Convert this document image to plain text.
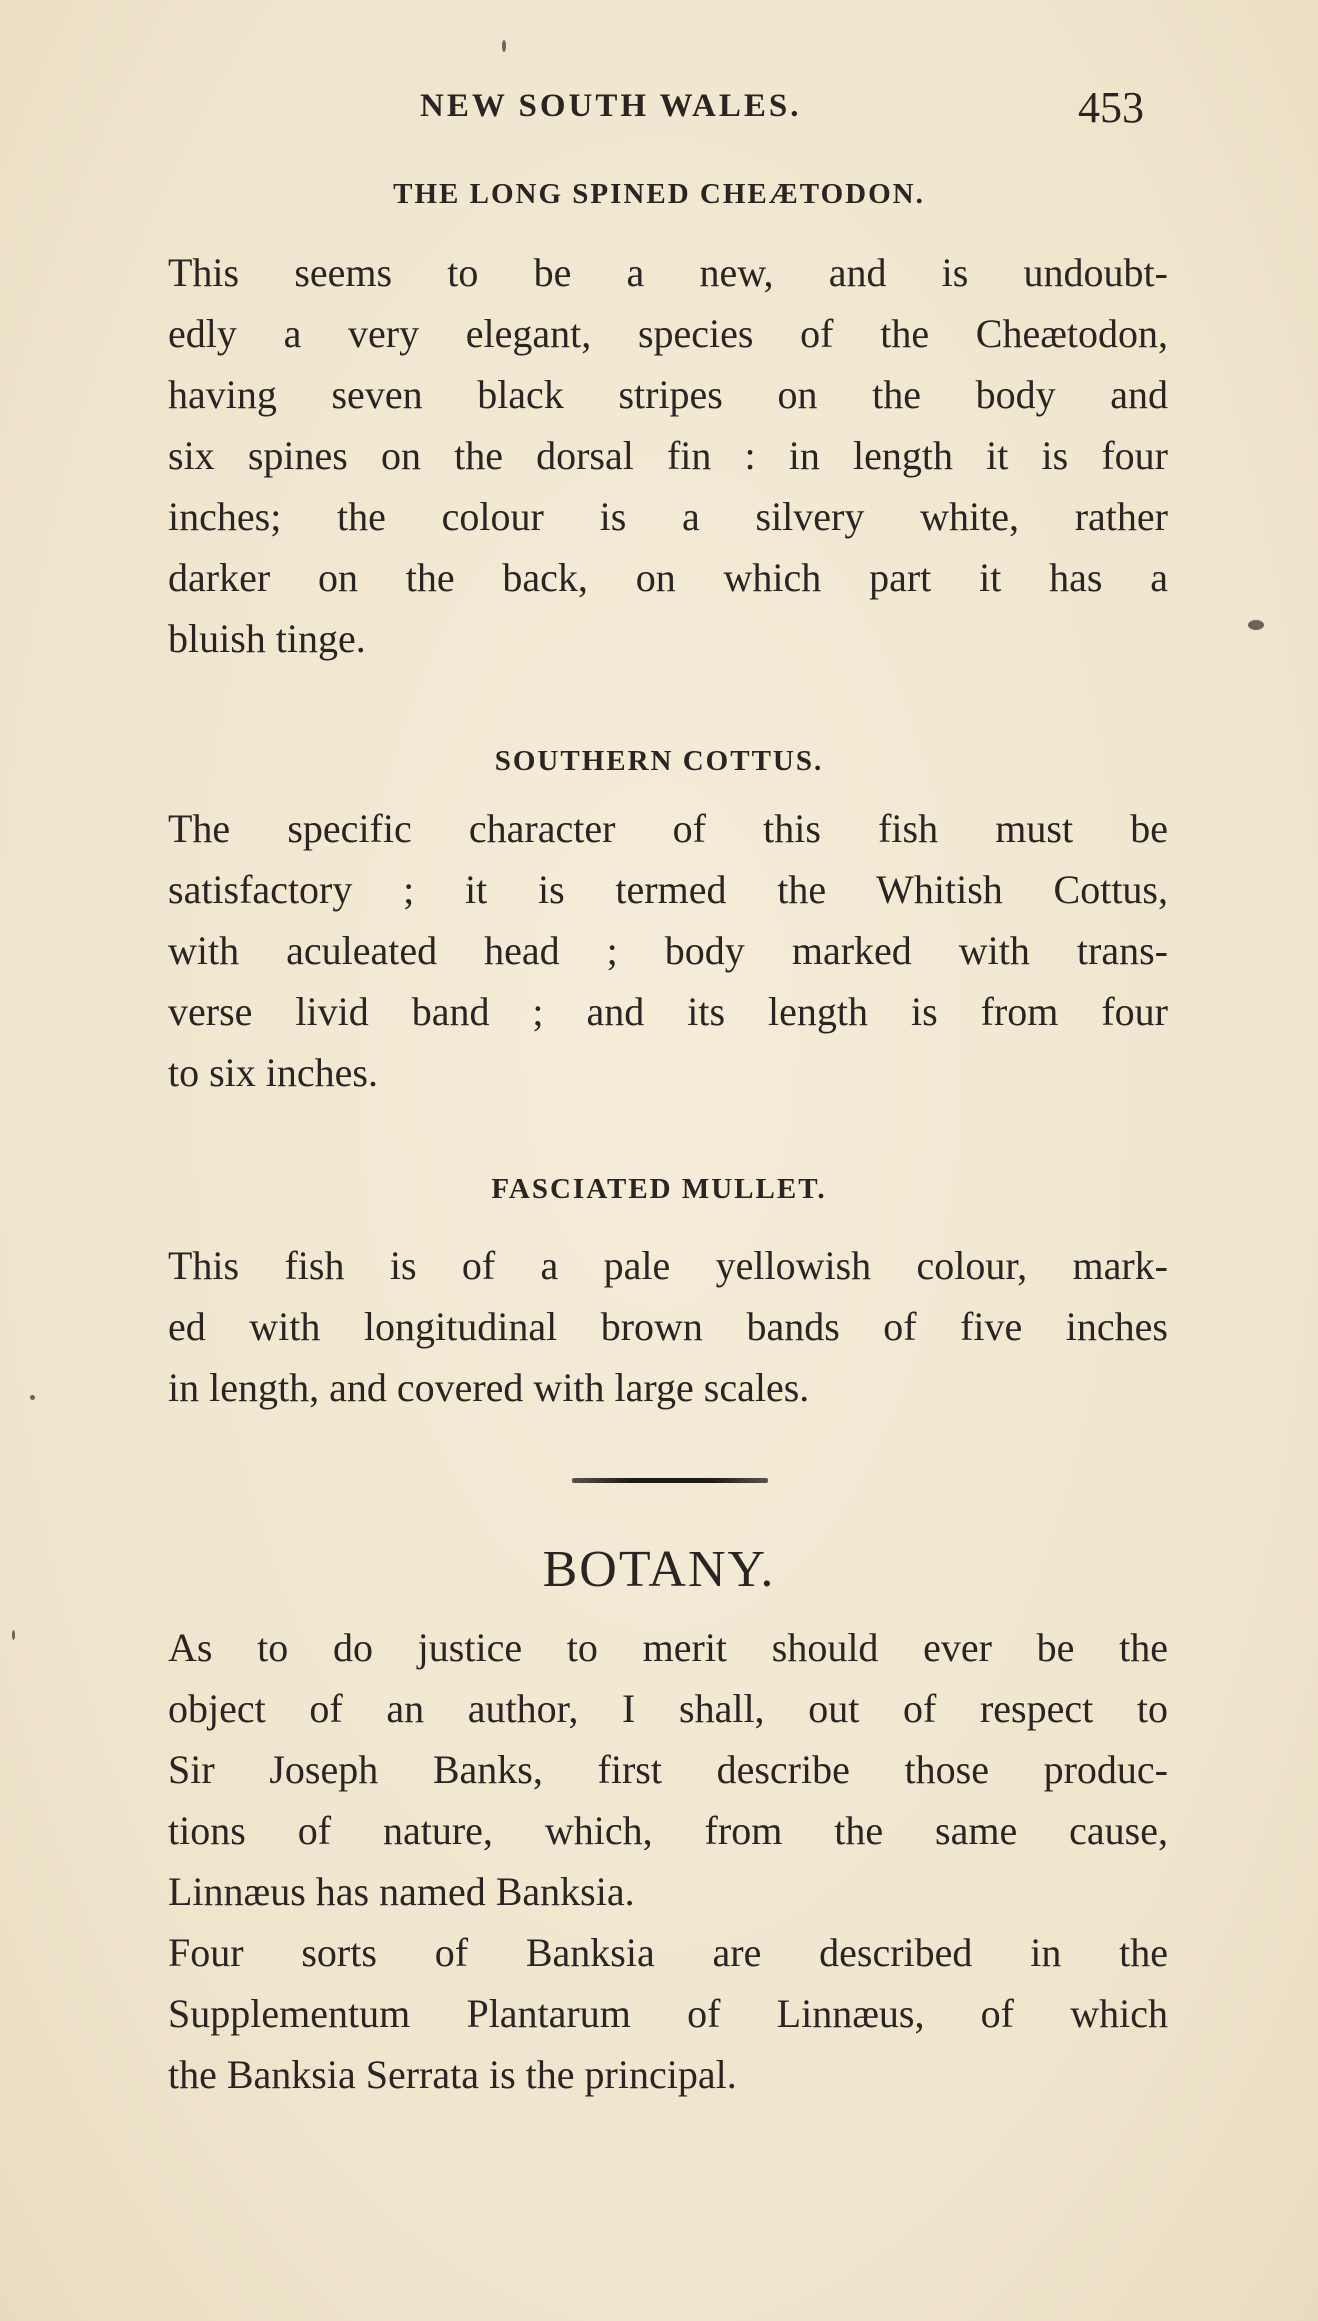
NEW SOUTH WALES.	453
THE LONG SPINED CHEÆTODON.
This seems to be a new, and is undoubt-
edly a very elegant, species of the Cheætodon,
having seven black stripes on the body and
six spines on the dorsal fin : in length it is four
inches; the colour is a silvery white, rather
darker on the back, on which part it has a
bluish tinge.
SOUTHERN COTTUS.
The specific character of this fish must be
satisfactory ; it is termed the Whitish Cottus,
with aculeated head ; body marked with trans-
verse livid band ; and its length is from four
to six inches.
FASCIATED MULLET.
This fish is of a pale yellowish colour, mark-
ed with longitudinal brown bands of five inches
in length, and covered with large scales.
BOTANY.
As to do justice to merit should ever be the
object of an author, I shall, out of respect to
Sir Joseph Banks, first describe those produc-
tions of nature, which, from the same cause,
Linnæus has named Banksia.
Four sorts of Banksia are described in the
Supplementum Plantarum of Linnæus, of which
the Banksia Serrata is the principal.
